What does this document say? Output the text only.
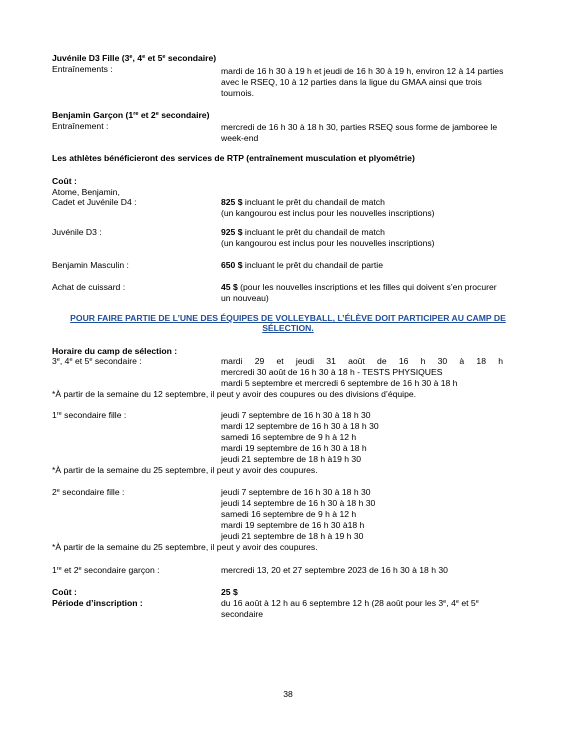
Juvénile D3 Fille (3e, 4e et 5e secondaire)
Entraînements :	mardi de 16 h 30 à 19 h et jeudi de 16 h 30 à 19 h, environ 12 à 14 parties
avec le RSEQ, 10 à 12 parties dans la ligue du GMAA ainsi que trois
tournois.
Benjamin Garçon (1re et 2e secondaire)
Entraînement :	mercredi de 16 h 30 à 18 h 30, parties RSEQ sous forme de jamboree le
week-end
Les athlètes bénéficieront des services de RTP (entraînement musculation et plyométrie)
Coût :
Atome, Benjamin,
Cadet et Juvénile D4 :	825 $ incluant le prêt du chandail de match
(un kangourou est inclus pour les nouvelles inscriptions)
Juvénile D3 :	925 $ incluant le prêt du chandail de match
(un kangourou est inclus pour les nouvelles inscriptions)
Benjamin Masculin :	650 $ incluant le prêt du chandail de partie
Achat de cuissard :	45 $ (pour les nouvelles inscriptions et les filles qui doivent s’en procurer
un nouveau)
POUR FAIRE PARTIE DE L’UNE DES ÉQUIPES DE VOLLEYBALL, L’ÉLÈVE DOIT PARTICIPER AU CAMP DE SÉLECTION.
Horaire du camp de sélection :
3e, 4e et 5e secondaire :	mardi 29 et jeudi 31 août de 16 h 30 à 18 h
mercredi 30 août de 16 h 30 à 18 h - TESTS PHYSIQUES
mardi 5 septembre et mercredi 6 septembre de 16 h 30 à 18 h
*À partir de la semaine du 12 septembre, il peut y avoir des coupures ou des divisions d’équipe.
1re secondaire fille :	jeudi 7 septembre de 16 h 30 à 18 h 30
mardi 12 septembre de 16 h 30 à 18 h 30
samedi 16 septembre de 9 h à 12 h
mardi 19 septembre de 16 h 30 à 18 h
jeudi 21 septembre de 18 h à19 h 30
*À partir de la semaine du 25 septembre, il peut y avoir des coupures.
2e secondaire fille :	jeudi 7 septembre de 16 h 30 à 18 h 30
jeudi 14 septembre de 16 h 30 à 18 h 30
samedi 16 septembre de 9 h à 12 h
mardi 19 septembre de 16 h 30 à18 h
jeudi 21 septembre de 18 h à 19 h 30
*À partir de la semaine du 25 septembre, il peut y avoir des coupures.
1re et 2e secondaire garçon :	mercredi 13, 20 et 27 septembre 2023 de 16 h 30 à 18 h 30
Coût :	25 $
Période d’inscription :	du 16 août à 12 h au 6 septembre 12 h (28 août pour les 3e, 4e et 5e
secondaire
38
